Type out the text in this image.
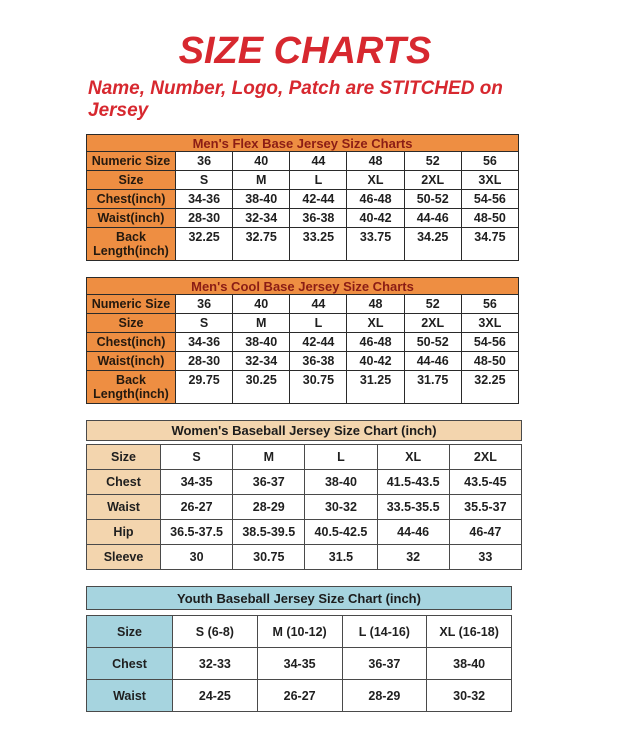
SIZE CHARTS

Name, Number, Logo, Patch are STITCHED on Jersey

Men's Flex Base Jersey Size Charts
Numeric Size	36	40	44	48	52	56
Size	S	M	L	XL	2XL	3XL
Chest(inch)	34-36	38-40	42-44	46-48	50-52	54-56
Waist(inch)	28-30	32-34	36-38	40-42	44-46	48-50
Back Length(inch)	32.25	32.75	33.25	33.75	34.25	34.75
Men's Cool Base Jersey Size Charts
Numeric Size	36	40	44	48	52	56
Size	S	M	L	XL	2XL	3XL
Chest(inch)	34-36	38-40	42-44	46-48	50-52	54-56
Waist(inch)	28-30	32-34	36-38	40-42	44-46	48-50
Back Length(inch)	29.75	30.25	30.75	31.25	31.75	32.25
Women's Baseball Jersey Size Chart (inch)
Size	S	M	L	XL	2XL
Chest	34-35	36-37	38-40	41.5-43.5	43.5-45
Waist	26-27	28-29	30-32	33.5-35.5	35.5-37
Hip	36.5-37.5	38.5-39.5	40.5-42.5	44-46	46-47
Sleeve	30	30.75	31.5	32	33
Youth Baseball Jersey Size Chart (inch)
Size	S (6-8)	M (10-12)	L (14-16)	XL (16-18)
Chest	32-33	34-35	36-37	38-40
Waist	24-25	26-27	28-29	30-32
